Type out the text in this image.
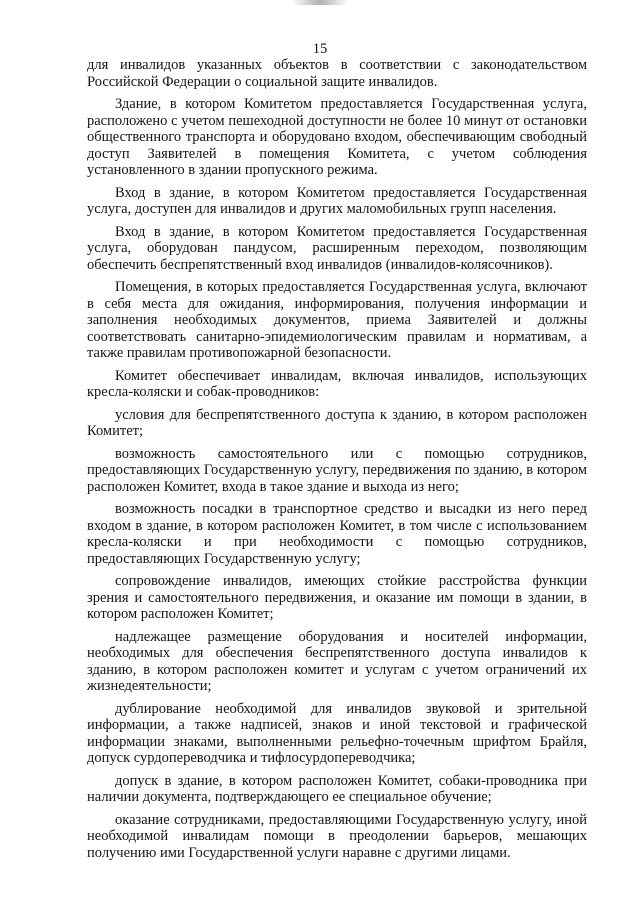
15

для инвалидов указанных объектов в соответствии с законодательством Российской Федерации о социальной защите инвалидов.

Здание, в котором Комитетом предоставляется Государственная услуга, расположено с учетом пешеходной доступности не более 10 минут от остановки общественного транспорта и оборудовано входом, обеспечивающим свободный доступ Заявителей в помещения Комитета, с учетом соблюдения установленного в здании пропускного режима.

Вход в здание, в котором Комитетом предоставляется Государственная услуга, доступен для инвалидов и других маломобильных групп населения.

Вход в здание, в котором Комитетом предоставляется Государственная услуга, оборудован пандусом, расширенным переходом, позволяющим обеспечить беспрепятственный вход инвалидов (инвалидов-колясочников).

Помещения, в которых предоставляется Государственная услуга, включают в себя места для ожидания, информирования, получения информации и заполнения необходимых документов, приема Заявителей и должны соответствовать санитарно-эпидемиологическим правилам и нормативам, а также правилам противопожарной безопасности.

Комитет обеспечивает инвалидам, включая инвалидов, использующих кресла-коляски и собак-проводников:

условия для беспрепятственного доступа к зданию, в котором расположен Комитет;

возможность самостоятельного или с помощью сотрудников, предоставляющих Государственную услугу, передвижения по зданию, в котором расположен Комитет, входа в такое здание и выхода из него;

возможность посадки в транспортное средство и высадки из него перед входом в здание, в котором расположен Комитет, в том числе с использованием кресла-коляски и при необходимости с помощью сотрудников, предоставляющих Государственную услугу;

сопровождение инвалидов, имеющих стойкие расстройства функции зрения и самостоятельного передвижения, и оказание им помощи в здании, в котором расположен Комитет;

надлежащее размещение оборудования и носителей информации, необходимых для обеспечения беспрепятственного доступа инвалидов к зданию, в котором расположен комитет и услугам с учетом ограничений их жизнедеятельности;

дублирование необходимой для инвалидов звуковой и зрительной информации, а также надписей, знаков и иной текстовой и графической информации знаками, выполненными рельефно-точечным шрифтом Брайля, допуск сурдопереводчика и тифлосурдопереводчика;

допуск в здание, в котором расположен Комитет, собаки-проводника при наличии документа, подтверждающего ее специальное обучение;

оказание сотрудниками, предоставляющими Государственную услугу, иной необходимой инвалидам помощи в преодолении барьеров, мешающих получению ими Государственной услуги наравне с другими лицами.
